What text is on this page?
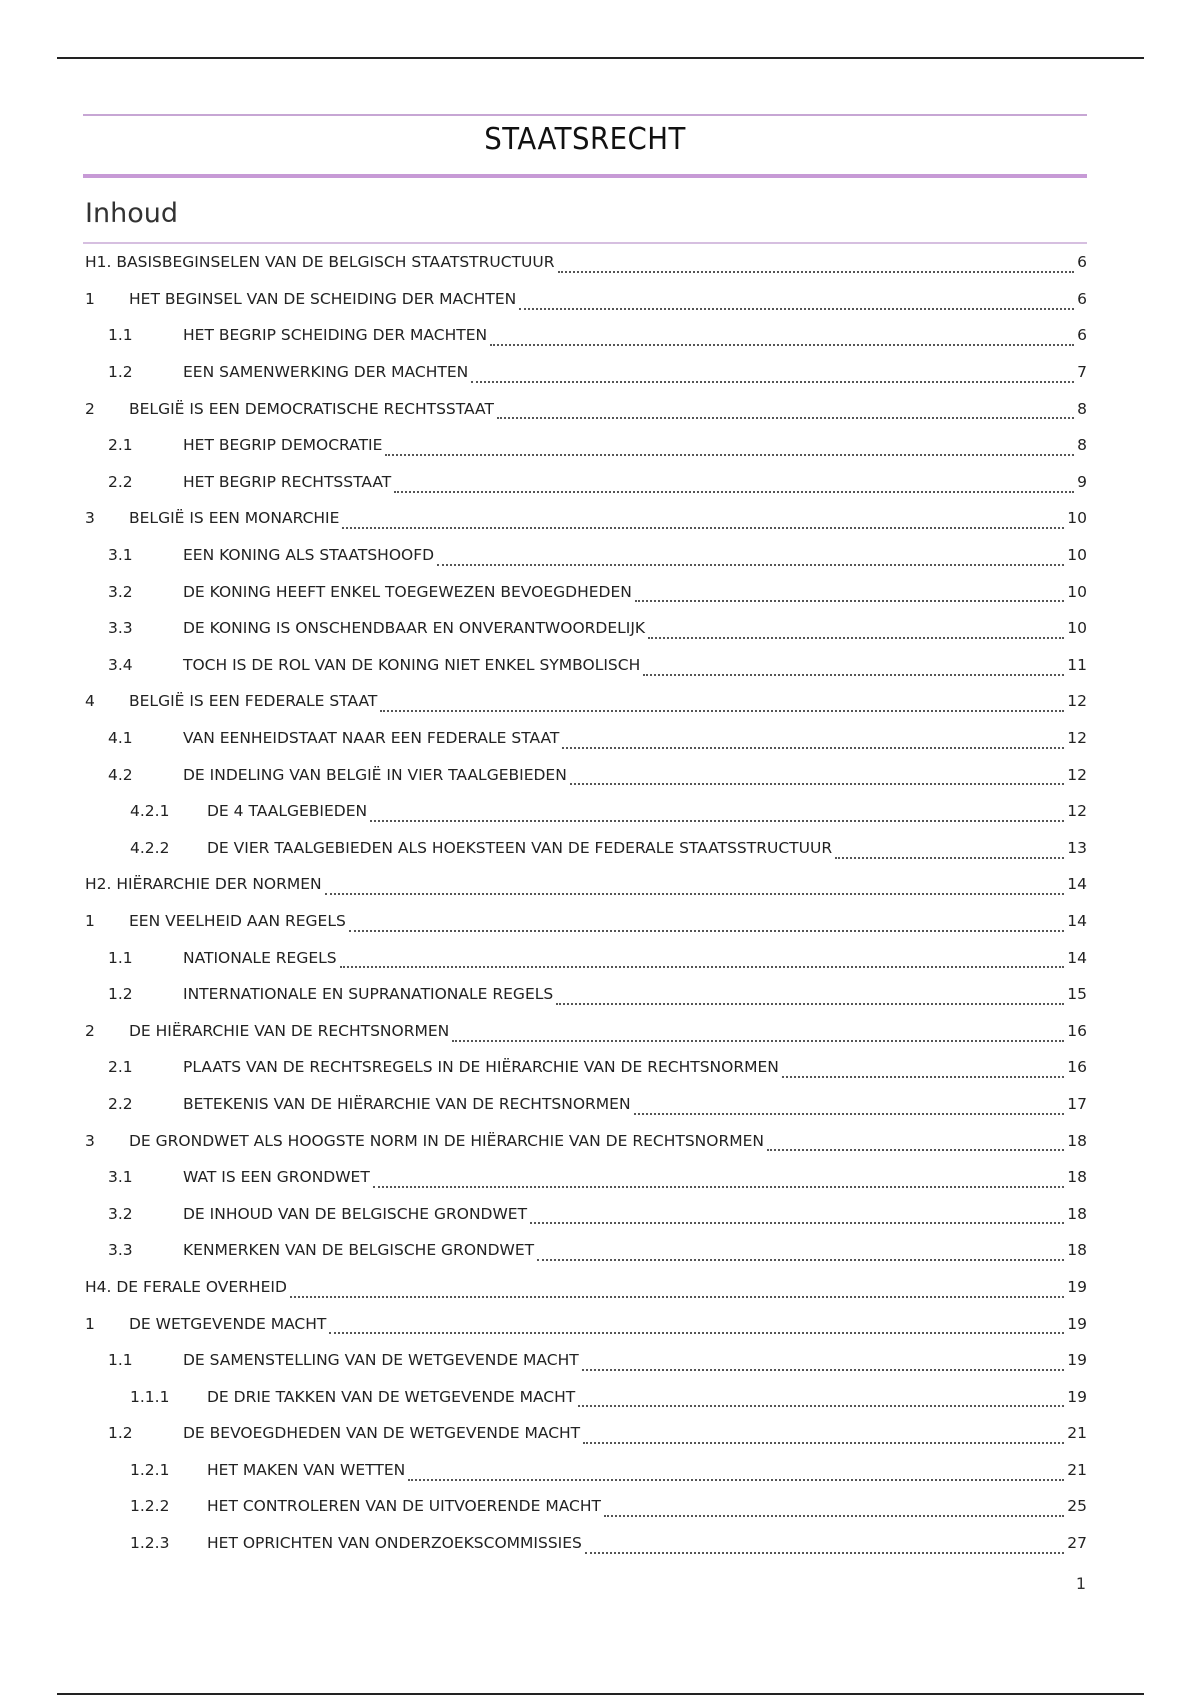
STAATSRECHT
Inhoud
H1. BASISBEGINSELEN VAN DE BELGISCH STAATSTRUCTUUR	6
1	HET BEGINSEL VAN DE SCHEIDING DER MACHTEN	6
1.1	HET BEGRIP SCHEIDING DER MACHTEN	6
1.2	EEN SAMENWERKING DER MACHTEN	7
2	BELGIË IS EEN DEMOCRATISCHE RECHTSSTAAT	8
2.1	HET BEGRIP DEMOCRATIE	8
2.2	HET BEGRIP RECHTSSTAAT	9
3	BELGIË IS EEN MONARCHIE	10
3.1	EEN KONING ALS STAATSHOOFD	10
3.2	DE KONING HEEFT ENKEL TOEGEWEZEN BEVOEGDHEDEN	10
3.3	DE KONING IS ONSCHENDBAAR EN ONVERANTWOORDELIJK	10
3.4	TOCH IS DE ROL VAN DE KONING NIET ENKEL SYMBOLISCH	11
4	BELGIË IS EEN FEDERALE STAAT	12
4.1	VAN EENHEIDSTAAT NAAR EEN FEDERALE STAAT	12
4.2	DE INDELING VAN BELGIË IN VIER TAALGEBIEDEN	12
4.2.1	DE 4 TAALGEBIEDEN	12
4.2.2	DE VIER TAALGEBIEDEN ALS HOEKSTEEN VAN DE FEDERALE STAATSSTRUCTUUR	13
H2. HIËRARCHIE DER NORMEN	14
1	EEN VEELHEID AAN REGELS	14
1.1	NATIONALE REGELS	14
1.2	INTERNATIONALE EN SUPRANATIONALE REGELS	15
2	DE HIËRARCHIE VAN DE RECHTSNORMEN	16
2.1	PLAATS VAN DE RECHTSREGELS IN DE HIËRARCHIE VAN DE RECHTSNORMEN	16
2.2	BETEKENIS VAN DE HIËRARCHIE VAN DE RECHTSNORMEN	17
3	DE GRONDWET ALS HOOGSTE NORM IN DE HIËRARCHIE VAN DE RECHTSNORMEN	18
3.1	WAT IS EEN GRONDWET	18
3.2	DE INHOUD VAN DE BELGISCHE GRONDWET	18
3.3	KENMERKEN VAN DE BELGISCHE GRONDWET	18
H4. DE FERALE OVERHEID	19
1	DE WETGEVENDE MACHT	19
1.1	DE SAMENSTELLING VAN DE WETGEVENDE MACHT	19
1.1.1	DE DRIE TAKKEN VAN DE WETGEVENDE MACHT	19
1.2	DE BEVOEGDHEDEN VAN DE WETGEVENDE MACHT	21
1.2.1	HET MAKEN VAN WETTEN	21
1.2.2	HET CONTROLEREN VAN DE UITVOERENDE MACHT	25
1.2.3	HET OPRICHTEN VAN ONDERZOEKSCOMMISSIES	27
1
